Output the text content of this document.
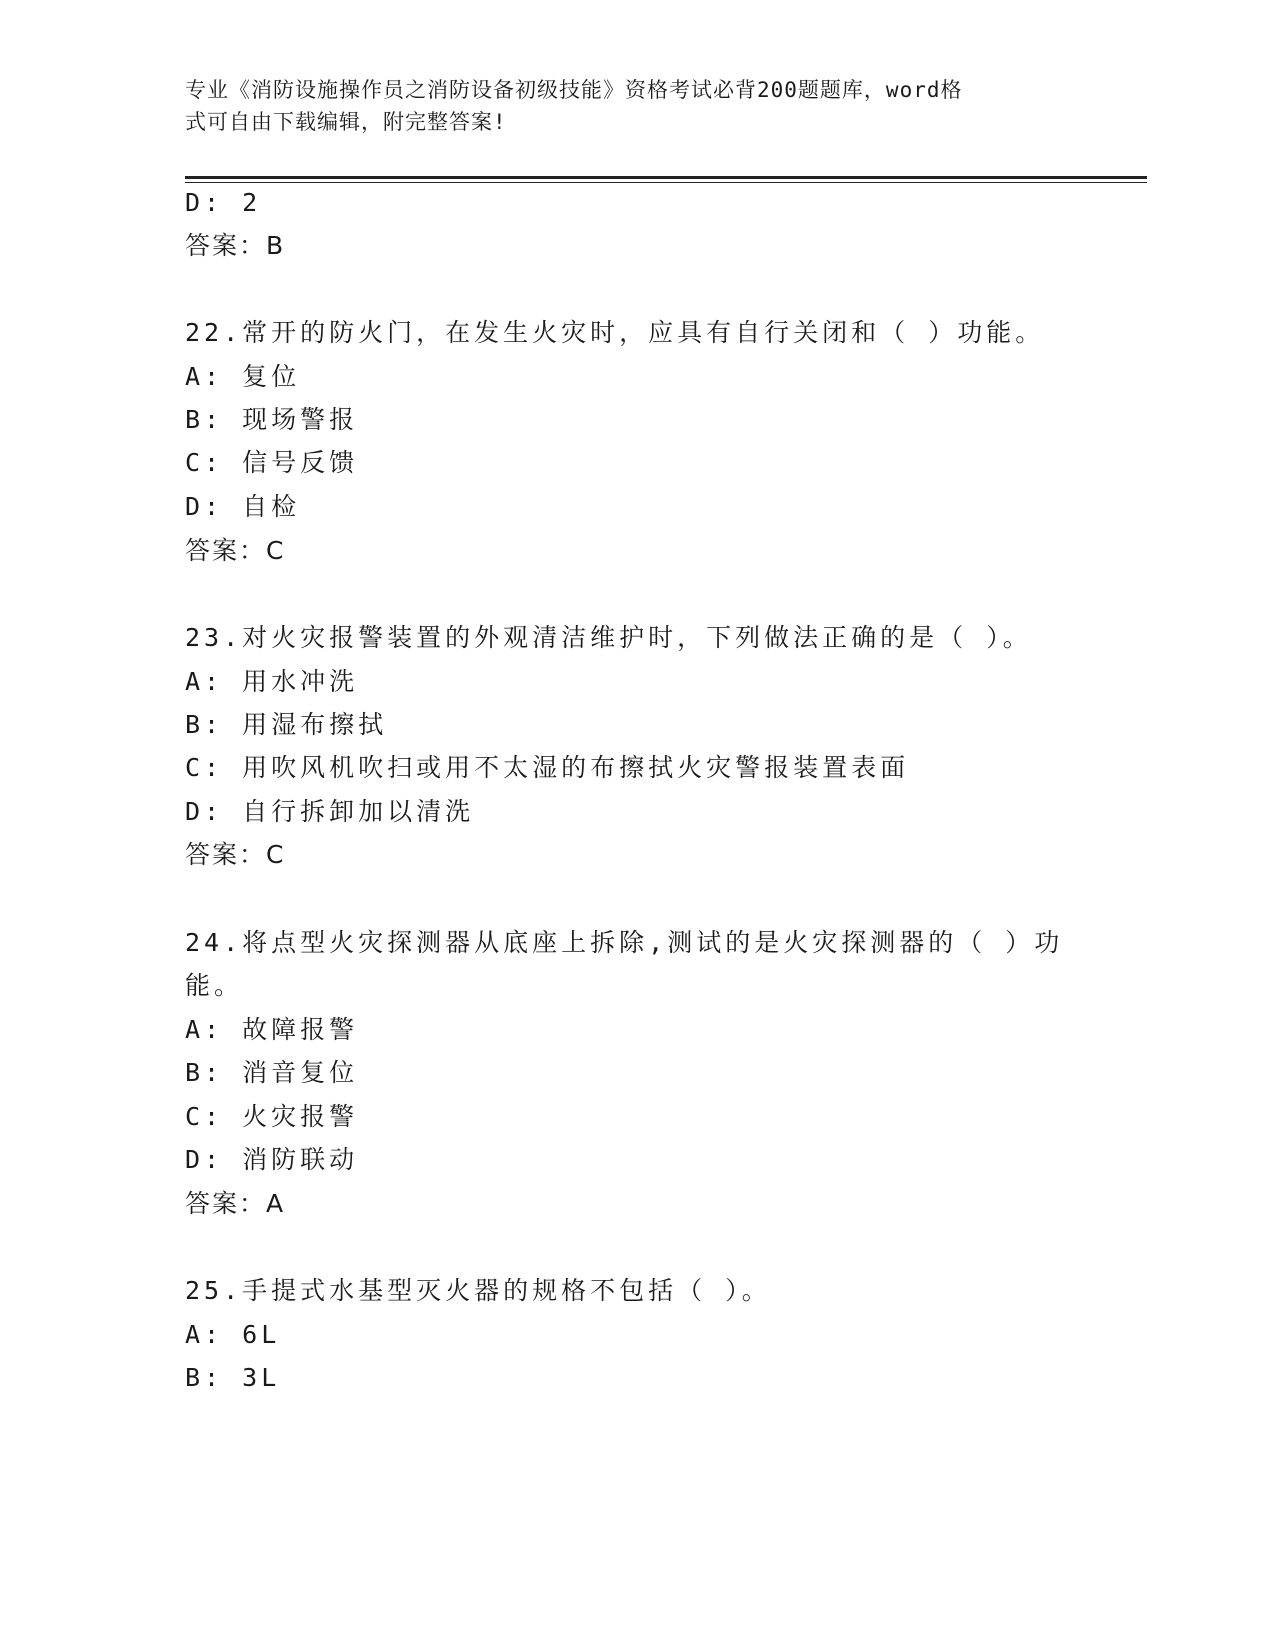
专业《消防设施操作员之消防设备初级技能》资格考试必背200题题库，word格
式可自由下载编辑，附完整答案!
D: 2
答案：B
22.常开的防火门，在发生火灾时，应具有自行关闭和（ ）功能。
A: 复位
B: 现场警报
C: 信号反馈
D: 自检
答案：C
23.对火灾报警装置的外观清洁维护时，下列做法正确的是（ ）。
A: 用水冲洗
B: 用湿布擦拭
C: 用吹风机吹扫或用不太湿的布擦拭火灾警报装置表面
D: 自行拆卸加以清洗
答案：C
24.将点型火灾探测器从底座上拆除,测试的是火灾探测器的（ ）功
能。
A: 故障报警
B: 消音复位
C: 火灾报警
D: 消防联动
答案：A
25.手提式水基型灭火器的规格不包括（ ）。
A: 6L
B: 3L
